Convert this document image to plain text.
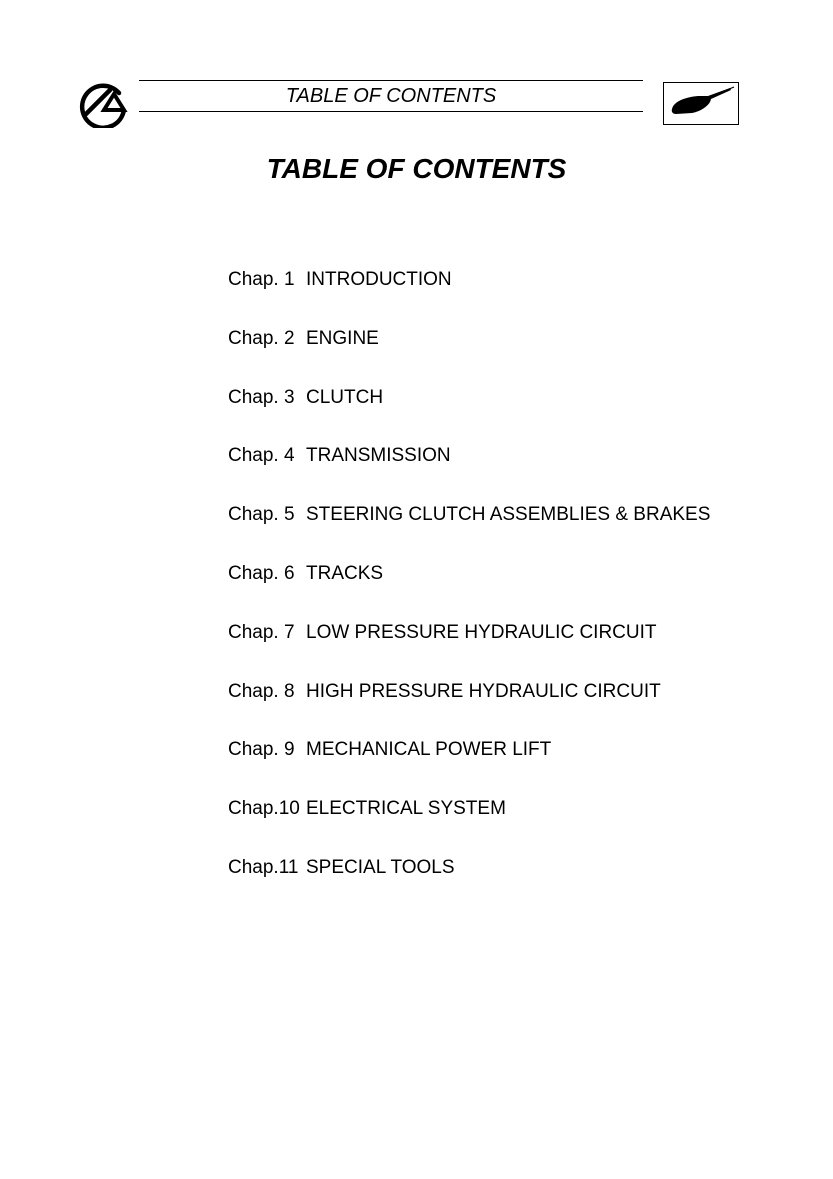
TABLE OF CONTENTS
TABLE OF CONTENTS
Chap. 1 INTRODUCTION
Chap. 2 ENGINE
Chap. 3 CLUTCH
Chap. 4 TRANSMISSION
Chap. 5 STEERING CLUTCH ASSEMBLIES & BRAKES
Chap. 6 TRACKS
Chap. 7 LOW PRESSURE HYDRAULIC CIRCUIT
Chap. 8 HIGH PRESSURE HYDRAULIC CIRCUIT
Chap. 9 MECHANICAL POWER LIFT
Chap.10 ELECTRICAL SYSTEM
Chap.11 SPECIAL TOOLS
